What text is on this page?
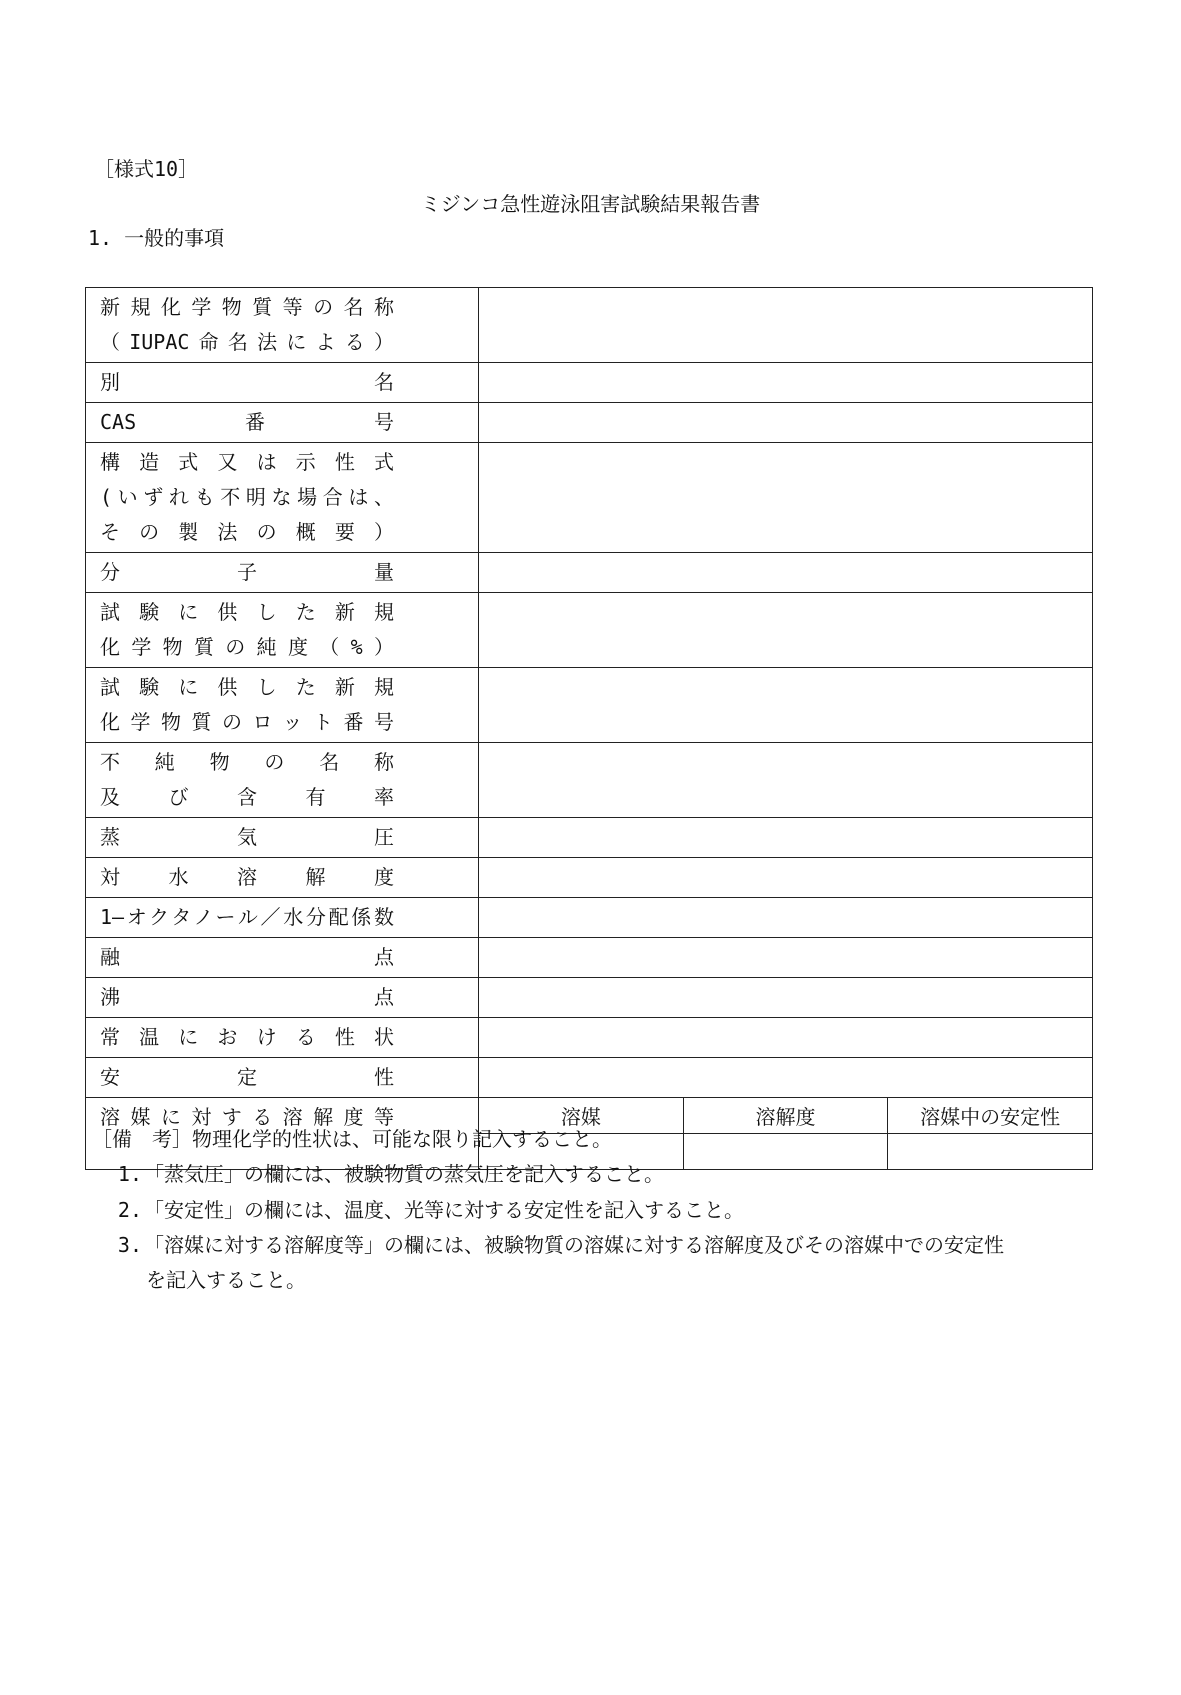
［様式10］
ミジンコ急性遊泳阻害試験結果報告書
1. 一般的事項
新規化学物質等の名称
（IUPAC命名法による）			

別　　　　　　　　名			

CAS番号			

構造式又は示性式
(いずれも不明な場合は、
その製法の概要）			

分　　子　　量			

試験に供した新規
化学物質の純度（%）			

試験に供した新規
化学物質のロット番号			

不純物の名称
及び含有率			

蒸　　気　　圧			

対水溶解度			

1―オクタノール／水分配係数			

融　　　　　　　　点			

沸　　　　　　　　点			

常温における性状			

安　　定　　性			

溶媒に対する溶解度等	溶媒	溶解度	溶媒中の安定性

［備　考］物理化学的性状は、可能な限り記入すること。
1. 「蒸気圧」の欄には、被験物質の蒸気圧を記入すること。
2. 「安定性」の欄には、温度、光等に対する安定性を記入すること。
3. 「溶媒に対する溶解度等」の欄には、被験物質の溶媒に対する溶解度及びその溶媒中での安定性
を記入すること。
